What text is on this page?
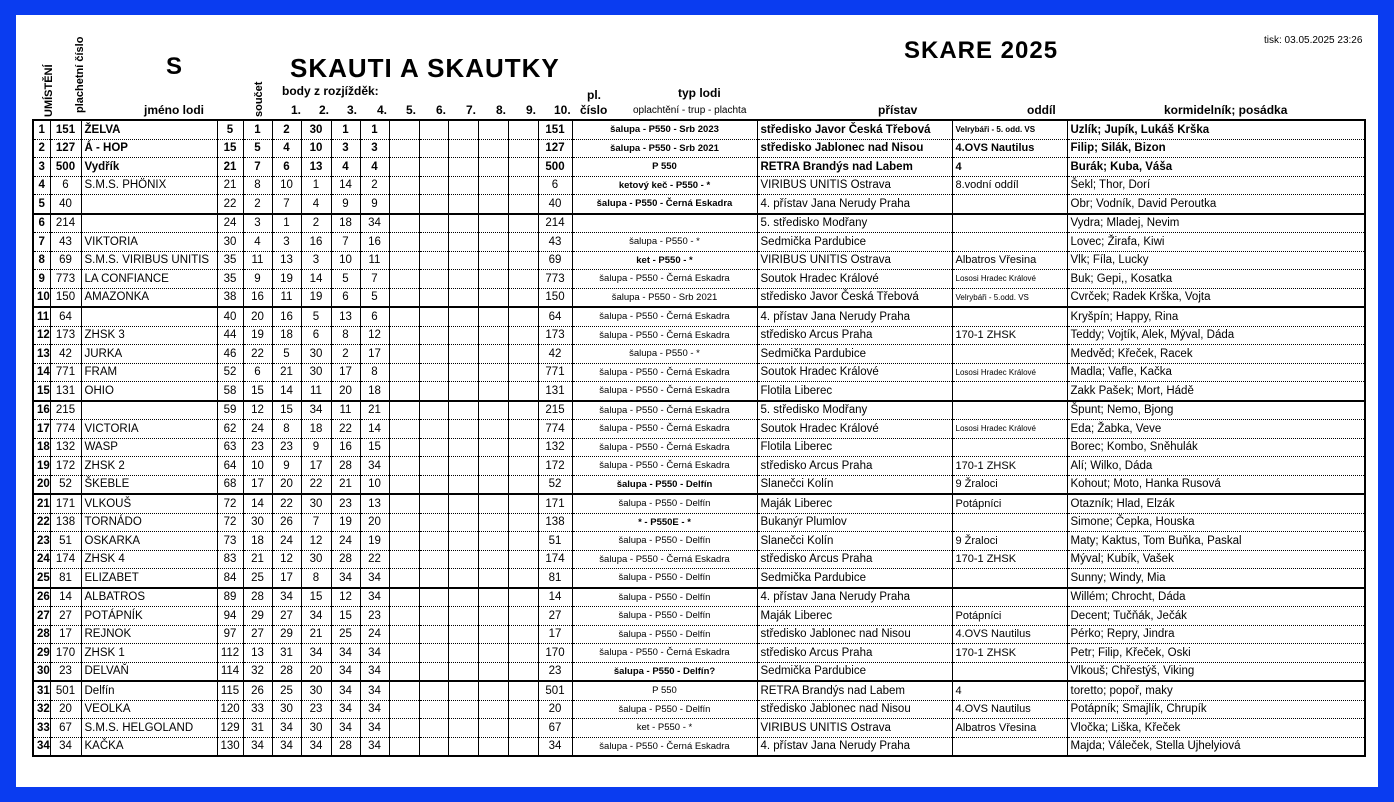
S	SKAUTI A SKAUTKY
SKARE 2025	tisk: 03.05.2025 23:26
UMÍSTĚNÍ plachetní číslo	součet
jméno lodi
body z rozjížděk:
1. 2. 3. 4. 5. 6. 7. 8. 9. 10.
pl.
číslo
typ lodi
oplachtění - trup - plachta	přístav	oddíl	kormidelník; posádka
1	151	ŽELVA	5	1	2	30	1	1						151	šalupa - P550 - Srb 2023	středisko Javor Česká Třebová	Velrybáři - 5. odd. VS	Uzlík; Jupík, Lukáš Krška
2	127	Á - HOP	15	5	4	10	3	3						127	šalupa - P550 - Srb 2021	středisko Jablonec nad Nisou	4.OVS Nautilus	Filip; Silák, Bizon
3	500	Vydřík	21	7	6	13	4	4						500	P 550	RETRA Brandýs nad Labem	4	Burák; Kuba, Váša
4	6	S.M.S. PHÖNIX	21	8	10	1	14	2						6	ketový keč - P550 - *	VIRIBUS UNITIS Ostrava	8.vodní oddíl	Šekl; Thor, Dorí
5	40		22	2	7	4	9	9						40	šalupa - P550 - Černá Eskadra	4. přístav Jana Nerudy Praha		Obr; Vodník, David Peroutka
6	214		24	3	1	2	18	34						214		5. středisko Modřany		Vydra; Mladej, Nevim
7	43	VIKTORIA	30	4	3	16	7	16						43	šalupa - P550 - *	Sedmička Pardubice		Lovec; Žirafa, Kiwi
8	69	S.M.S. VIRIBUS UNITIS	35	11	13	3	10	11						69	ket - P550 - *	VIRIBUS UNITIS Ostrava	Albatros Vřesina	Vlk; Fíla, Lucky
9	773	LA CONFIANCE	35	9	19	14	5	7						773	šalupa - P550 - Černá Eskadra	Soutok Hradec Králové	Lososi Hradec Králové	Buk; Gepi,, Kosatka
10	150	AMAZONKA	38	16	11	19	6	5						150	šalupa - P550 - Srb 2021	středisko Javor Česká Třebová	Velrybáři - 5.odd. VS	Cvrček; Radek Krška, Vojta
11	64		40	20	16	5	13	6						64	šalupa - P550 - Černá Eskadra	4. přístav Jana Nerudy Praha		Kryšpín; Happy, Rina
12	173	ZHSK 3	44	19	18	6	8	12						173	šalupa - P550 - Černá Eskadra	středisko Arcus Praha	170-1 ZHSK	Teddy; Vojtík, Alek, Mýval, Dáda
13	42	JURKA	46	22	5	30	2	17						42	šalupa - P550 - *	Sedmička Pardubice		Medvěd; Křeček, Racek
14	771	FRAM	52	6	21	30	17	8						771	šalupa - P550 - Černá Eskadra	Soutok Hradec Králové	Lososi Hradec Králové	Madla; Vafle, Kačka
15	131	OHIO	58	15	14	11	20	18						131	šalupa - P550 - Černá Eskadra	Flotila Liberec		Zakk Pašek; Mort, Hádě
16	215		59	12	15	34	11	21						215	šalupa - P550 - Černá Eskadra	5. středisko Modřany		Špunt; Nemo, Bjong
17	774	VICTORIA	62	24	8	18	22	14						774	šalupa - P550 - Černá Eskadra	Soutok Hradec Králové	Lososi Hradec Králové	Eda; Žabka, Veve
18	132	WASP	63	23	23	9	16	15						132	šalupa - P550 - Černá Eskadra	Flotila Liberec		Borec; Kombo, Sněhulák
19	172	ZHSK 2	64	10	9	17	28	34						172	šalupa - P550 - Černá Eskadra	středisko Arcus Praha	170-1 ZHSK	Alí; Wilko, Dáda
20	52	ŠKEBLE	68	17	20	22	21	10						52	šalupa - P550 - Delfín	Slanečci Kolín	9 Žraloci	Kohout; Moto, Hanka Rusová
21	171	VLKOUŠ	72	14	22	30	23	13						171	šalupa - P550 - Delfín	Maják Liberec	Potápníci	Otazník; Hlad, Elzák
22	138	TORNÁDO	72	30	26	7	19	20						138	* - P550E - *	Bukanýr Plumlov		Simone; Čepka, Houska
23	51	OSKARKA	73	18	24	12	24	19						51	šalupa - P550 - Delfín	Slanečci Kolín	9 Žraloci	Maty; Kaktus, Tom Buňka, Paskal
24	174	ZHSK 4	83	21	12	30	28	22						174	šalupa - P550 - Černá Eskadra	středisko Arcus Praha	170-1 ZHSK	Mýval; Kubík, Vašek
25	81	ELIZABET	84	25	17	8	34	34						81	šalupa - P550 - Delfín	Sedmička Pardubice		Sunny; Windy, Mia
26	14	ALBATROS	89	28	34	15	12	34						14	šalupa - P550 - Delfín	4. přístav Jana Nerudy Praha		Willém; Chrocht, Dáda
27	27	POTÁPNÍK	94	29	27	34	15	23						27	šalupa - P550 - Delfín	Maják Liberec	Potápníci	Decent; Tučňák, Ječák
28	17	REJNOK	97	27	29	21	25	24						17	šalupa - P550 - Delfín	středisko Jablonec nad Nisou	4.OVS Nautilus	Pérko; Repry, Jindra
29	170	ZHSK 1	112	13	31	34	34	34						170	šalupa - P550 - Černá Eskadra	středisko Arcus Praha	170-1 ZHSK	Petr; Filip, Křeček, Oski
30	23	DELVAŇ	114	32	28	20	34	34						23	šalupa - P550 - Delfín?	Sedmička Pardubice		Vlkouš; Chřestýš, Viking
31	501	Delfín	115	26	25	30	34	34						501	P 550	RETRA Brandýs nad Labem	4	toretto; popoř, maky
32	20	VEOLKA	120	33	30	23	34	34						20	šalupa - P550 - Delfín	středisko Jablonec nad Nisou	4.OVS Nautilus	Potápník; Smajlík, Chrupík
33	67	S.M.S. HELGOLAND	129	31	34	30	34	34						67	ket - P550 - *	VIRIBUS UNITIS Ostrava	Albatros Vřesina	Vločka; Liška, Křeček
34	34	KAČKA	130	34	34	34	28	34						34	šalupa - P550 - Černá Eskadra	4. přístav Jana Nerudy Praha		Majda; Váleček, Stella Ujhelyiová
